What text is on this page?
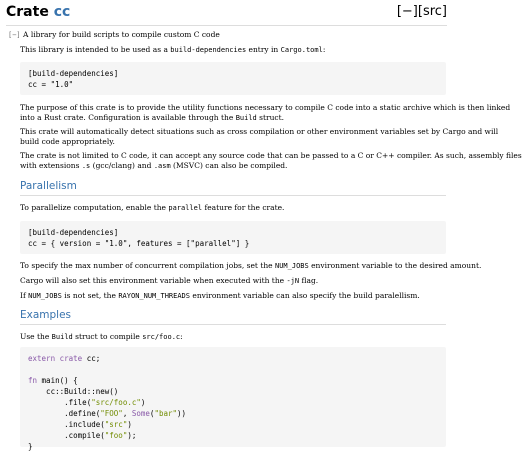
Crate cc	[−][src]
[−] A library for build scripts to compile custom C code
This library is intended to be used as a build-dependencies entry in Cargo.toml:
[build-dependencies]
cc = "1.0"
The purpose of this crate is to provide the utility functions necessary to compile C code into a static archive which is then linked
into a Rust crate. Configuration is available through the Build struct.
This crate will automatically detect situations such as cross compilation or other environment variables set by Cargo and will
build code appropriately.
The crate is not limited to C code, it can accept any source code that can be passed to a C or C++ compiler. As such, assembly files
with extensions .s (gcc/clang) and .asm (MSVC) can also be compiled.
Parallelism
To parallelize computation, enable the parallel feature for the crate.
[build-dependencies]
cc = { version = "1.0", features = ["parallel"] }
To specify the max number of concurrent compilation jobs, set the NUM_JOBS environment variable to the desired amount.
Cargo will also set this environment variable when executed with the -jN flag.
If NUM_JOBS is not set, the RAYON_NUM_THREADS environment variable can also specify the build paralellism.
Examples
Use the Build struct to compile src/foo.c:
extern crate cc;
fn main() {
cc::Build::new()
.file("src/foo.c")
.define("FOO", Some("bar"))
.include("src")
.compile("foo");
}
